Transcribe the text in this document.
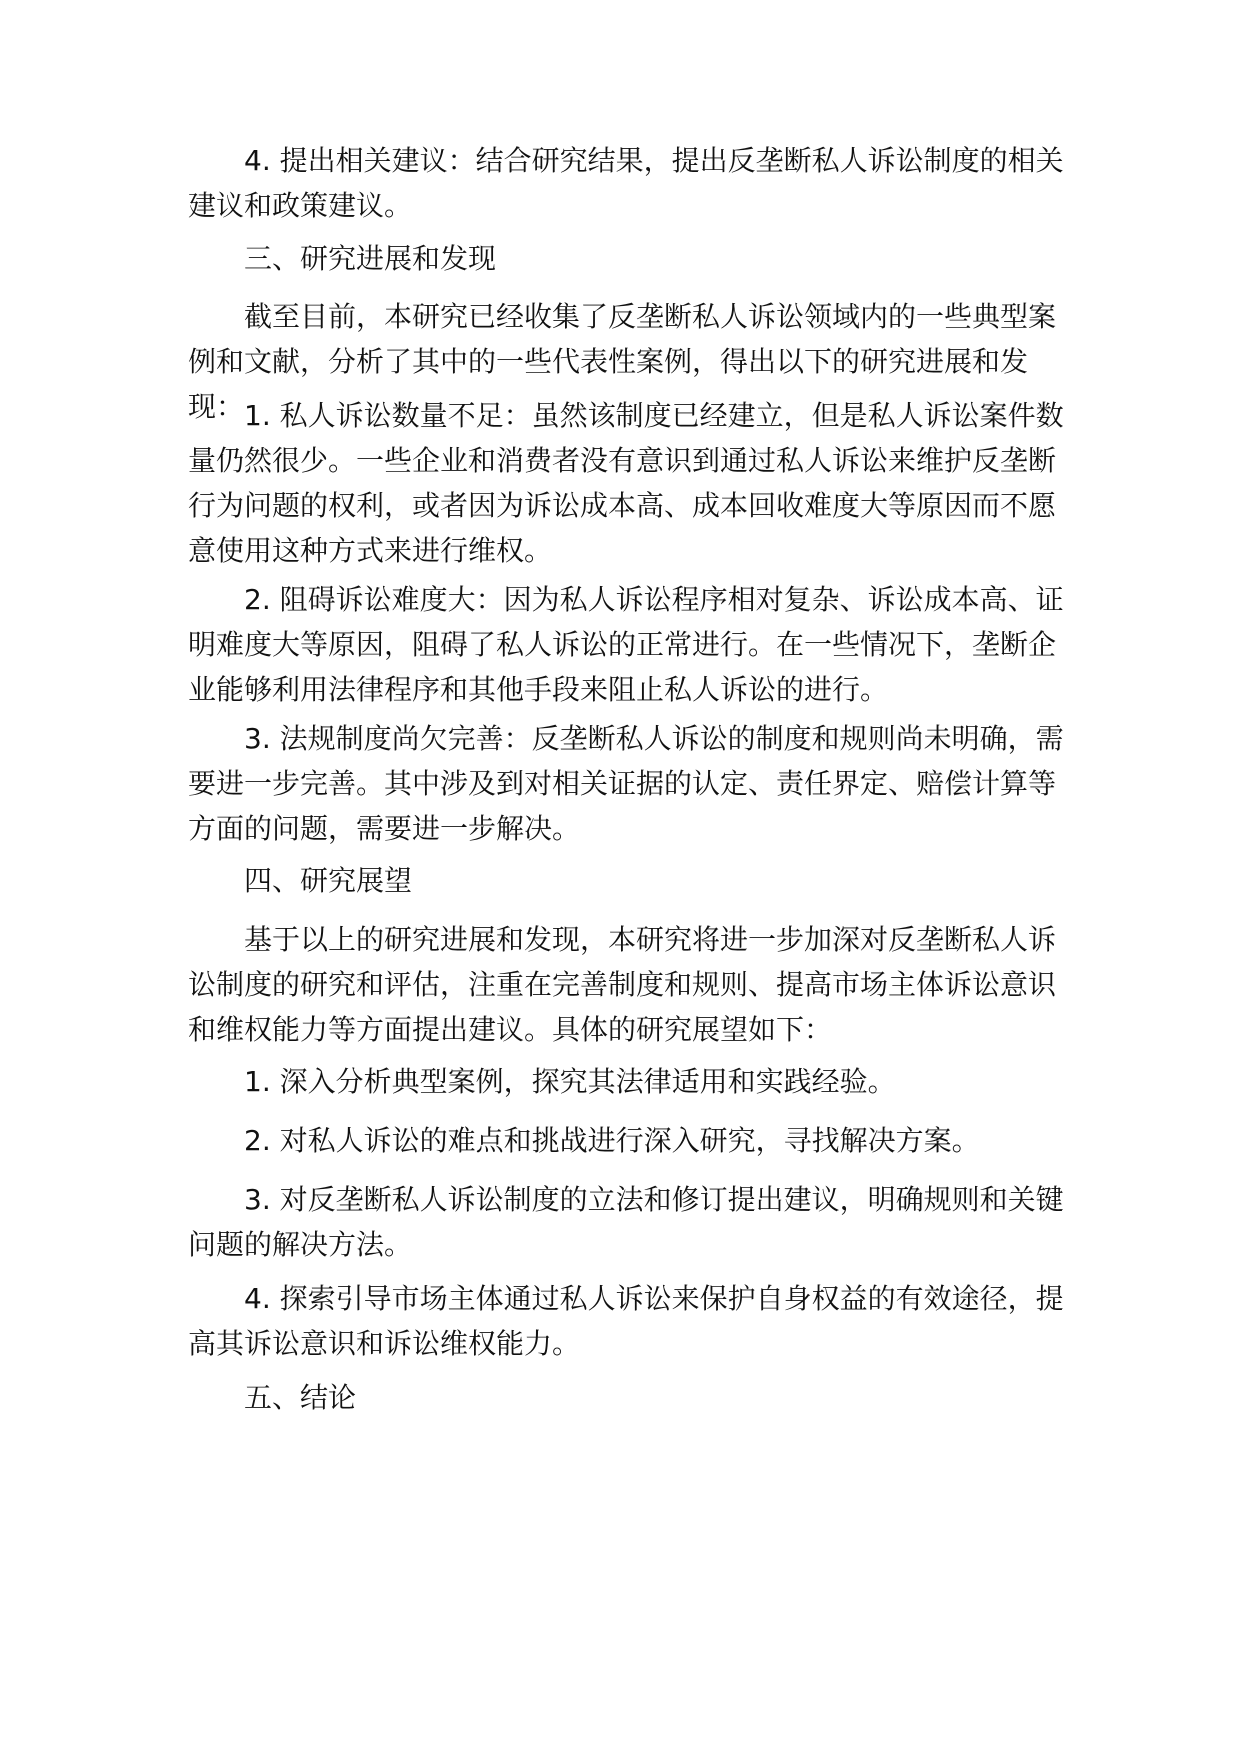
4. 提出相关建议：结合研究结果，提出反垄断私人诉讼制度的相关建议和政策建议。

三、研究进展和发现

截至目前，本研究已经收集了反垄断私人诉讼领域内的一些典型案例和文献，分析了其中的一些代表性案例，得出以下的研究进展和发现： 1. 私人诉讼数量不足：虽然该制度已经建立，但是私人诉讼案件数量仍然很少。一些企业和消费者没有意识到通过私人诉讼来维护反垄断行为问题的权利，或者因为诉讼成本高、成本回收难度大等原因而不愿意使用这种方式来进行维权。

2. 阻碍诉讼难度大：因为私人诉讼程序相对复杂、诉讼成本高、证明难度大等原因，阻碍了私人诉讼的正常进行。在一些情况下，垄断企业能够利用法律程序和其他手段来阻止私人诉讼的进行。

3. 法规制度尚欠完善：反垄断私人诉讼的制度和规则尚未明确，需要进一步完善。其中涉及到对相关证据的认定、责任界定、赔偿计算等方面的问题，需要进一步解决。

四、研究展望

基于以上的研究进展和发现，本研究将进一步加深对反垄断私人诉讼制度的研究和评估，注重在完善制度和规则、提高市场主体诉讼意识和维权能力等方面提出建议。具体的研究展望如下：

1. 深入分析典型案例，探究其法律适用和实践经验。

2. 对私人诉讼的难点和挑战进行深入研究，寻找解决方案。

3. 对反垄断私人诉讼制度的立法和修订提出建议，明确规则和关键问题的解决方法。

4. 探索引导市场主体通过私人诉讼来保护自身权益的有效途径，提高其诉讼意识和诉讼维权能力。

五、结论
